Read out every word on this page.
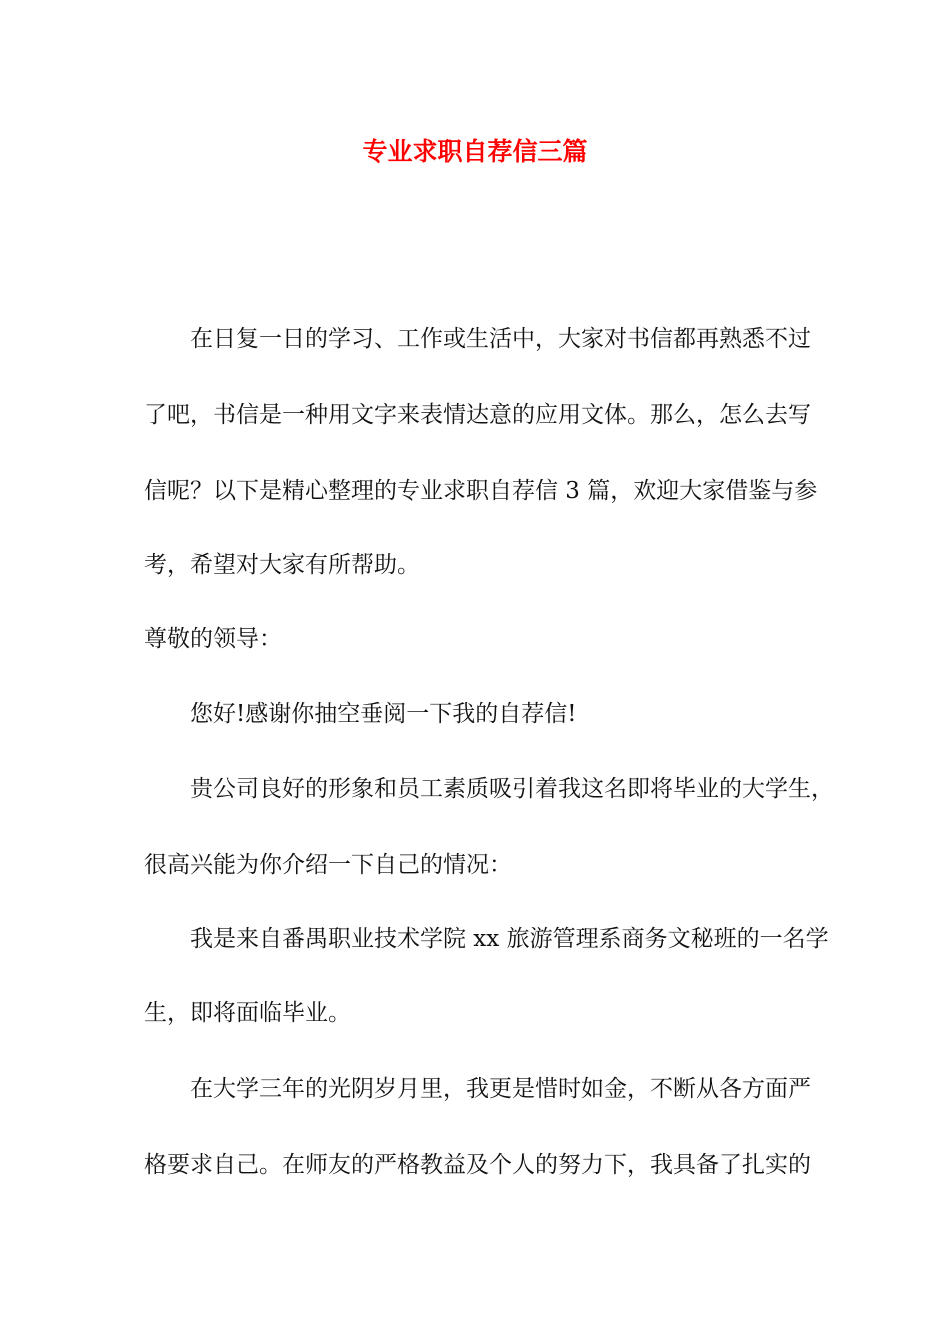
专业求职自荐信三篇

在日复一日的学习、工作或生活中，大家对书信都再熟悉不过

了吧，书信是一种用文字来表情达意的应用文体。那么，怎么去写

信呢？以下是精心整理的专业求职自荐信 3 篇，欢迎大家借鉴与参

考，希望对大家有所帮助。

尊敬的领导：

您好!感谢你抽空垂阅一下我的自荐信!

贵公司良好的形象和员工素质吸引着我这名即将毕业的大学生，

很高兴能为你介绍一下自己的情况：

我是来自番禺职业技术学院 xx 旅游管理系商务文秘班的一名学

生，即将面临毕业。

在大学三年的光阴岁月里，我更是惜时如金，不断从各方面严

格要求自己。在师友的严格教益及个人的努力下，我具备了扎实的
